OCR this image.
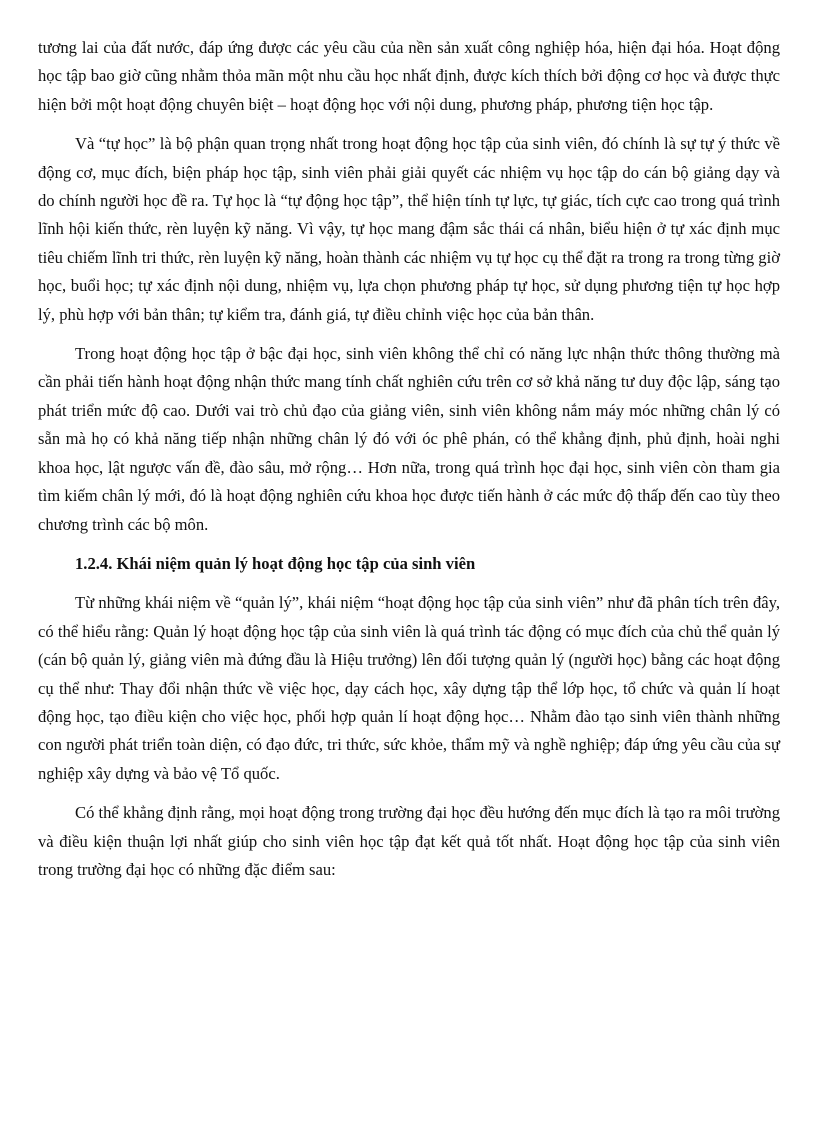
tương lai của đất nước, đáp ứng được các yêu cầu của nền sản xuất công nghiệp hóa, hiện đại hóa. Hoạt động học tập bao giờ cũng nhằm thỏa mãn một nhu cầu học nhất định, được kích thích bởi động cơ học và được thực hiện bởi một hoạt động chuyên biệt – hoạt động học với nội dung, phương pháp, phương tiện học tập.

Và “tự học” là bộ phận quan trọng nhất trong hoạt động học tập của sinh viên, đó chính là sự tự ý thức về động cơ, mục đích, biện pháp học tập, sinh viên phải giải quyết các nhiệm vụ học tập do cán bộ giảng dạy và do chính người học đề ra. Tự học là “tự động học tập”, thể hiện tính tự lực, tự giác, tích cực cao trong quá trình lĩnh hội kiến thức, rèn luyện kỹ năng. Vì vậy, tự học mang đậm sắc thái cá nhân, biểu hiện ở tự xác định mục tiêu chiếm lĩnh tri thức, rèn luyện kỹ năng, hoàn thành các nhiệm vụ tự học cụ thể đặt ra trong ra trong từng giờ học, buổi học; tự xác định nội dung, nhiệm vụ, lựa chọn phương pháp tự học, sử dụng phương tiện tự học hợp lý, phù hợp với bản thân; tự kiểm tra, đánh giá, tự điều chỉnh việc học của bản thân.

Trong hoạt động học tập ở bậc đại học, sinh viên không thể chỉ có năng lực nhận thức thông thường mà cần phải tiến hành hoạt động nhận thức mang tính chất nghiên cứu trên cơ sở khả năng tư duy độc lập, sáng tạo phát triển mức độ cao. Dưới vai trò chủ đạo của giảng viên, sinh viên không nắm máy móc những chân lý có sẵn mà họ có khả năng tiếp nhận những chân lý đó với óc phê phán, có thể khẳng định, phủ định, hoài nghi khoa học, lật ngược vấn đề, đào sâu, mở rộng… Hơn nữa, trong quá trình học đại học, sinh viên còn tham gia tìm kiếm chân lý mới, đó là hoạt động nghiên cứu khoa học được tiến hành ở các mức độ thấp đến cao tùy theo chương trình các bộ môn.

1.2.4. Khái niệm quản lý hoạt động học tập của sinh viên

Từ những khái niệm về “quản lý”, khái niệm “hoạt động học tập của sinh viên” như đã phân tích trên đây, có thể hiểu rằng: Quản lý hoạt động học tập của sinh viên là quá trình tác động có mục đích của chủ thể quản lý (cán bộ quản lý, giảng viên mà đứng đầu là Hiệu trưởng) lên đối tượng quản lý (người học) bằng các hoạt động cụ thể như: Thay đổi nhận thức về việc học, dạy cách học, xây dựng tập thể lớp học, tổ chức và quản lí hoạt động học, tạo điều kiện cho việc học, phối hợp quản lí hoạt động học… Nhằm đào tạo sinh viên thành những con người phát triển toàn diện, có đạo đức, tri thức, sức khỏe, thẩm mỹ và nghề nghiệp; đáp ứng yêu cầu của sự nghiệp xây dựng và bảo vệ Tổ quốc.

Có thể khẳng định rằng, mọi hoạt động trong trường đại học đều hướng đến mục đích là tạo ra môi trường và điều kiện thuận lợi nhất giúp cho sinh viên học tập đạt kết quả tốt nhất. Hoạt động học tập của sinh viên trong trường đại học có những đặc điểm sau:
